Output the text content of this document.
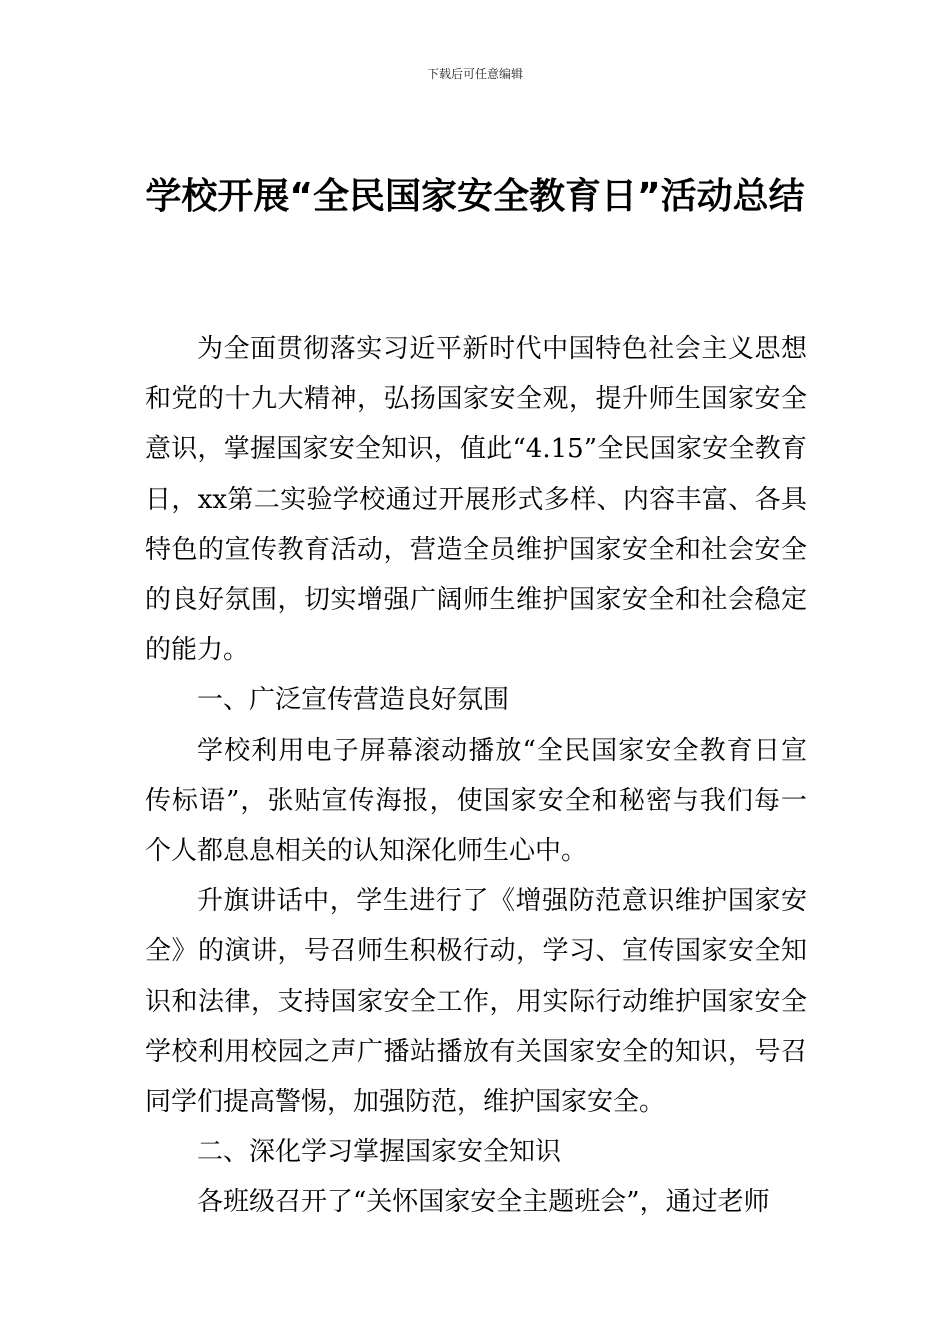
下载后可任意编辑
学校开展“全民国家安全教育日”活动总结

为全面贯彻落实习近平新时代中国特色社会主义思想和党的十九大精神，弘扬国家安全观，提升师生国家安全意识，掌握国家安全知识，值此“4.15”全民国家安全教育日，xx第二实验学校通过开展形式多样、内容丰富、各具特色的宣传教育活动，营造全员维护国家安全和社会安全的良好氛围，切实增强广阔师生维护国家安全和社会稳定的能力。

一、广泛宣传营造良好氛围

学校利用电子屏幕滚动播放“全民国家安全教育日宣传标语”，张贴宣传海报，使国家安全和秘密与我们每一个人都息息相关的认知深化师生心中。

升旗讲话中，学生进行了《增强防范意识维护国家安全》的演讲，号召师生积极行动，学习、宣传国家安全知识和法律，支持国家安全工作，用实际行动维护国家安全学校利用校园之声广播站播放有关国家安全的知识，号召同学们提高警惕，加强防范，维护国家安全。

二、深化学习掌握国家安全知识

各班级召开了“关怀国家安全主题班会”，通过老师
